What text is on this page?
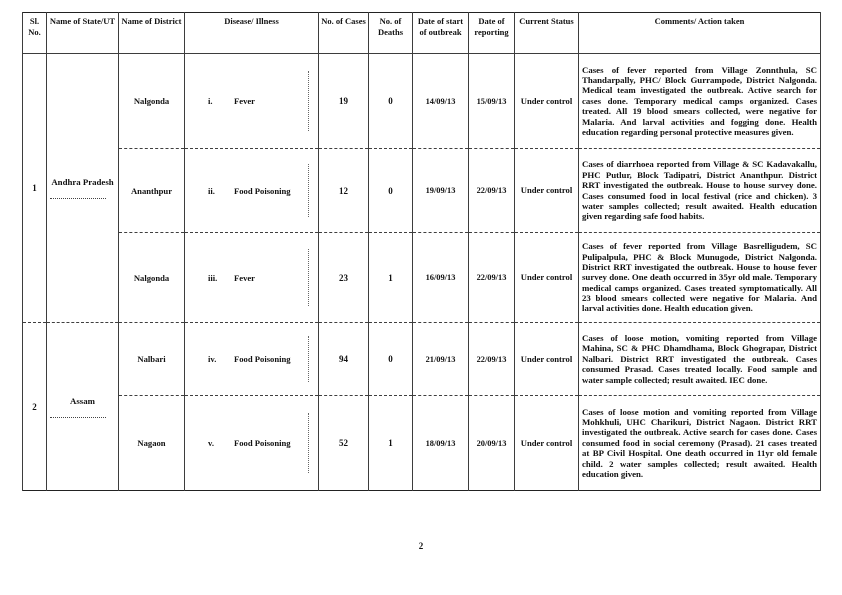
Sl. No.	Name of State/UT	Name of District	Disease/ Illness	No. of Cases	No. of Deaths	Date of start of outbreak	Date of reporting	Current Status	Comments/ Action taken
1	Andhra Pradesh	Nalgonda	i. Fever	19	0	14/09/13	15/09/13	Under control	Cases of fever reported from Village Zonnthula, SC Thandarpally, PHC/ Block Gurrampode, District Nalgonda. Medical team investigated the outbreak. Active search for cases done. Temporary medical camps organized. Cases treated. All 19 blood smears collected, were negative for Malaria. And larval activities and fogging done. Health education regarding personal protective measures given.
		Ananthpur	ii. Food Poisoning	12	0	19/09/13	22/09/13	Under control	Cases of diarrhoea reported from Village & SC Kadavakallu, PHC Putlur, Block Tadipatri, District Ananthpur. District RRT investigated the outbreak. House to house survey done. Cases consumed food in local festival (rice and chicken). 3 water samples collected; result awaited. Health education given regarding safe food habits.
		Nalgonda	iii. Fever	23	1	16/09/13	22/09/13	Under control	Cases of fever reported from Village Basrelligudem, SC Pulipalpula, PHC & Block Munugode, District Nalgonda. District RRT investigated the outbreak. House to house fever survey done. One death occurred in 35yr old male. Temporary medical camps organized. Cases treated symptomatically. All 23 blood smears collected were negative for Malaria. And larval activities done. Health education given.
2	Assam	Nalbari	iv. Food Poisoning	94	0	21/09/13	22/09/13	Under control	Cases of loose motion, vomiting reported from Village Mahina, SC & PHC Dhamdhama, Block Ghograpar, District Nalbari. District RRT investigated the outbreak. Cases consumed Prasad. Cases treated locally. Food sample and water sample collected; result awaited. IEC done.
		Nagaon	v. Food Poisoning	52	1	18/09/13	20/09/13	Under control	Cases of loose motion and vomiting reported from Village Mohkhuli, UHC Charikuri, District Nagaon. District RRT investigated the outbreak. Active search for cases done. Cases consumed food in social ceremony (Prasad). 21 cases treated at BP Civil Hospital. One death occurred in 11yr old female child. 2 water samples collected; result awaited. Health education given.
2
